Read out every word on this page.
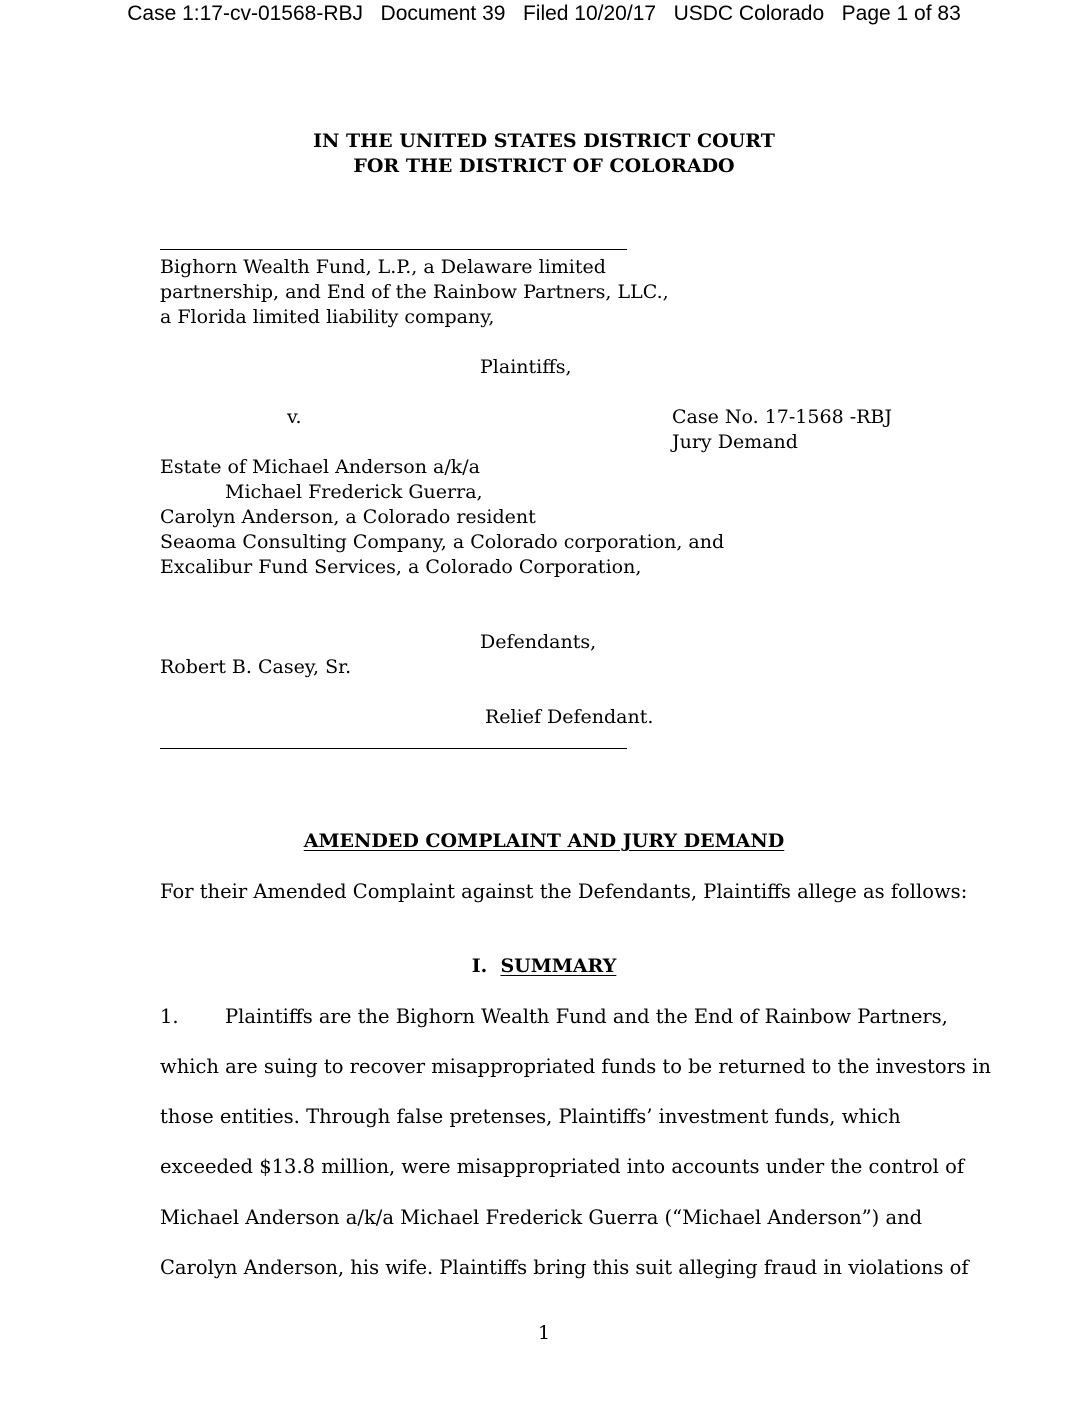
Case 1:17-cv-01568-RBJ Document 39 Filed 10/20/17 USDC Colorado Page 1 of 83
IN THE UNITED STATES DISTRICT COURT
FOR THE DISTRICT OF COLORADO
Bighorn Wealth Fund, L.P., a Delaware limited
partnership, and End of the Rainbow Partners, LLC.,
a Florida limited liability company,
Plaintiffs,
v.	Case No. 17-1568 -RBJ
Jury Demand
Estate of Michael Anderson a/k/a
Michael Frederick Guerra,
Carolyn Anderson, a Colorado resident
Seaoma Consulting Company, a Colorado corporation, and
Excalibur Fund Services, a Colorado Corporation,
Defendants,
Robert B. Casey, Sr.
Relief Defendant.
AMENDED COMPLAINT AND JURY DEMAND
For their Amended Complaint against the Defendants, Plaintiffs allege as follows:
I. SUMMARY
1. Plaintiffs are the Bighorn Wealth Fund and the End of Rainbow Partners,
which are suing to recover misappropriated funds to be returned to the investors in
those entities. Through false pretenses, Plaintiffs’ investment funds, which
exceeded $13.8 million, were misappropriated into accounts under the control of
Michael Anderson a/k/a Michael Frederick Guerra (“Michael Anderson”) and
Carolyn Anderson, his wife. Plaintiffs bring this suit alleging fraud in violations of
1
